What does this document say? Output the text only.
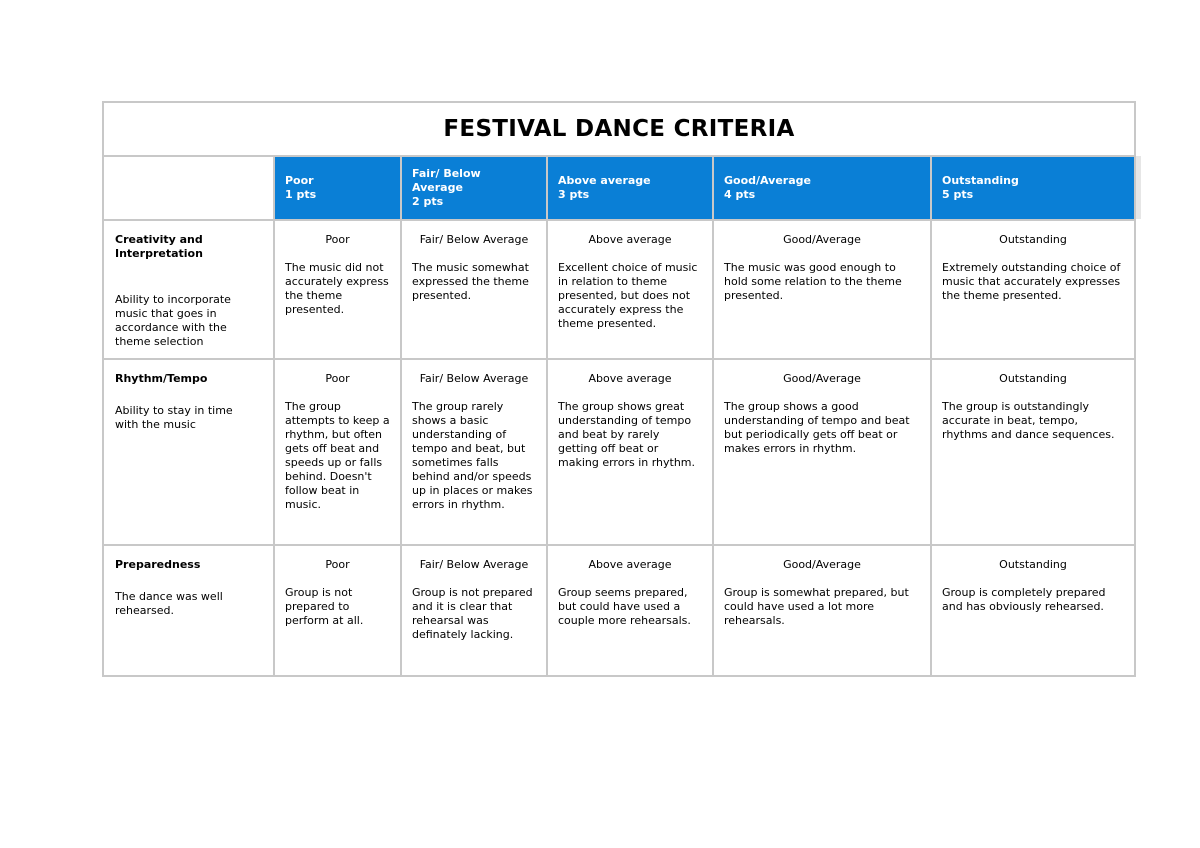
FESTIVAL DANCE CRITERIA					

	Poor
1 pts	Fair/ Below
Average
2 pts	Above average
3 pts	Good/Average
4 pts	Outstanding
5 pts

Creativity and Interpretation
Ability to incorporate music that goes in accordance with the theme selection	Poor
The music did not accurately express the theme presented.	Fair/ Below Average
The music somewhat expressed the theme presented.	Above average
Excellent choice of music in relation to theme presented, but does not accurately express the theme presented.	Good/Average
The music was good enough to hold some relation to the theme presented.	Outstanding
Extremely outstanding choice of music that accurately expresses the theme presented.

Rhythm/Tempo
Ability to stay in time with the music	Poor
The group attempts to keep a rhythm, but often gets off beat and speeds up or falls behind. Doesn't follow beat in music.	Fair/ Below Average
The group rarely shows a basic understanding of tempo and beat, but sometimes falls behind and/or speeds up in places or makes errors in rhythm.	Above average
The group shows great understanding of tempo and beat by rarely getting off beat or making errors in rhythm.	Good/Average
The group shows a good understanding of tempo and beat but periodically gets off beat or makes errors in rhythm.	Outstanding
The group is outstandingly accurate in beat, tempo, rhythms and dance sequences.

Preparedness
The dance was well rehearsed.	Poor
Group is not prepared to perform at all.	Fair/ Below Average
Group is not prepared and it is clear that rehearsal was definately lacking.	Above average
Group seems prepared, but could have used a couple more rehearsals.	Good/Average
Group is somewhat prepared, but could have used a lot more rehearsals.	Outstanding
Group is completely prepared and has obviously rehearsed.
